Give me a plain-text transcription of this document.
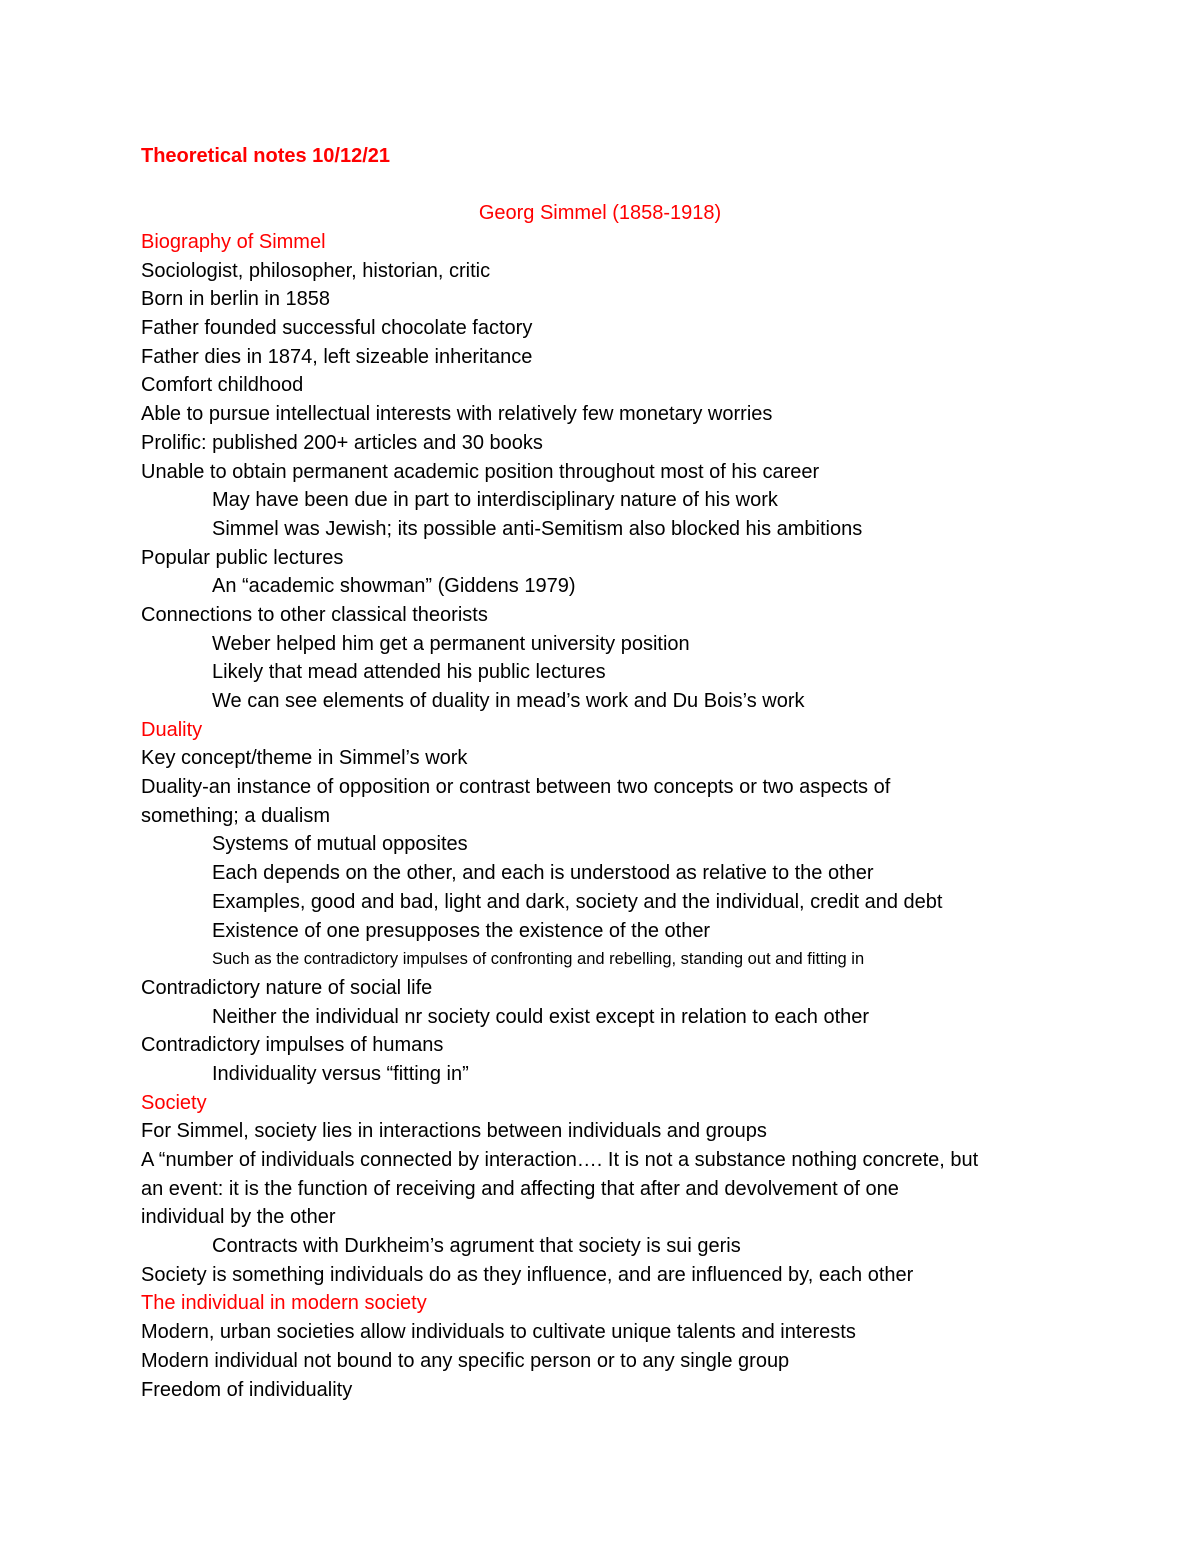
Theoretical notes 10/12/21
Georg Simmel (1858-1918)
Biography of Simmel
Sociologist, philosopher, historian, critic
Born in berlin in 1858
Father founded successful chocolate factory
Father dies in 1874, left sizeable inheritance
Comfort childhood
Able to pursue intellectual interests with relatively few monetary worries
Prolific: published 200+ articles and 30 books
Unable to obtain permanent academic position throughout most of his career
May have been due in part to interdisciplinary nature of his work
Simmel was Jewish; its possible anti-Semitism also blocked his ambitions
Popular public lectures
An “academic showman” (Giddens 1979)
Connections to other classical theorists
Weber helped him get a permanent university position
Likely that mead attended his public lectures
We can see elements of duality in mead’s work and Du Bois’s work
Duality
Key concept/theme in Simmel’s work
Duality-an instance of opposition or contrast between two concepts or two aspects of
something; a dualism
Systems of mutual opposites
Each depends on the other, and each is understood as relative to the other
Examples, good and bad, light and dark, society and the individual, credit and debt
Existence of one presupposes the existence of the other
Such as the contradictory impulses of confronting and rebelling, standing out and fitting in
Contradictory nature of social life
Neither the individual nr society could exist except in relation to each other
Contradictory impulses of humans
Individuality versus “fitting in”
Society
For Simmel, society lies in interactions between individuals and groups
A “number of individuals connected by interaction…. It is not a substance nothing concrete, but
an event: it is the function of receiving and affecting that after and devolvement of one
individual by the other
Contracts with Durkheim’s agrument that society is sui geris
Society is something individuals do as they influence, and are influenced by, each other
The individual in modern society
Modern, urban societies allow individuals to cultivate unique talents and interests
Modern individual not bound to any specific person or to any single group
Freedom of individuality
